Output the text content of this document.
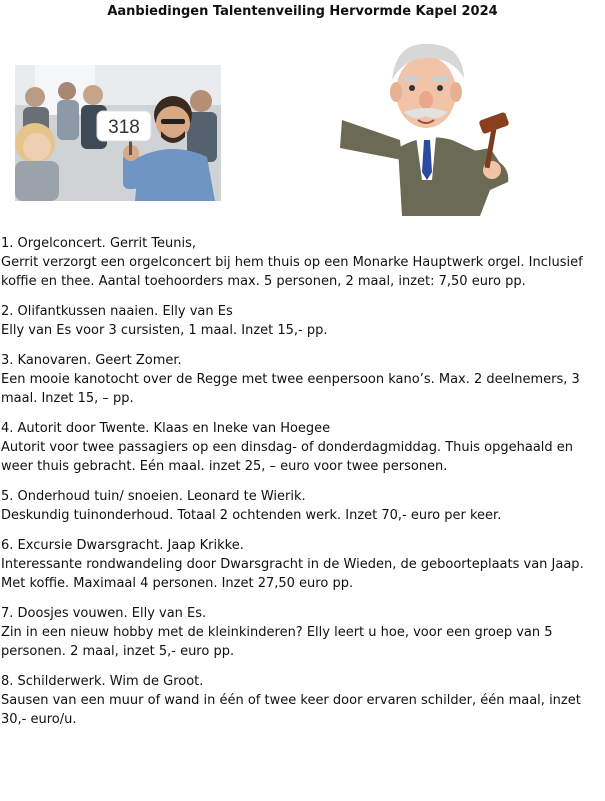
Aanbiedingen Talentenveiling Hervormde Kapel 2024
318

1. Orgelconcert. Gerrit Teunis,

Gerrit verzorgt een orgelconcert bij hem thuis op een Monarke Hauptwerk orgel. Inclusief koffie en thee. Aantal toehoorders max. 5 personen, 2 maal, inzet: 7,50 euro pp.

2. Olifantkussen naaien. Elly van Es

Elly van Es voor 3 cursisten, 1 maal. Inzet 15,- pp.

3. Kanovaren. Geert Zomer.

Een mooie kanotocht over de Regge met twee eenpersoon kano’s. Max. 2 deelnemers, 3 maal. Inzet 15, – pp.

4. Autorit door Twente. Klaas en Ineke van Hoegee

Autorit voor twee passagiers op een dinsdag- of donderdagmiddag. Thuis opgehaald en weer thuis gebracht. Eén maal. inzet 25, – euro voor twee personen.

5. Onderhoud tuin/ snoeien. Leonard te Wierik.

Deskundig tuinonderhoud. Totaal 2 ochtenden werk. Inzet 70,- euro per keer.

6. Excursie Dwarsgracht. Jaap Krikke.

Interessante rondwandeling door Dwarsgracht in de Wieden, de geboorteplaats van Jaap. Met koffie. Maximaal 4 personen. Inzet 27,50 euro pp.

7. Doosjes vouwen. Elly van Es.

Zin in een nieuw hobby met de kleinkinderen? Elly leert u hoe, voor een groep van 5 personen. 2 maal, inzet 5,- euro pp.

8. Schilderwerk. Wim de Groot.

Sausen van een muur of wand in één of twee keer door ervaren schilder, één maal, inzet 30,- euro/u.
